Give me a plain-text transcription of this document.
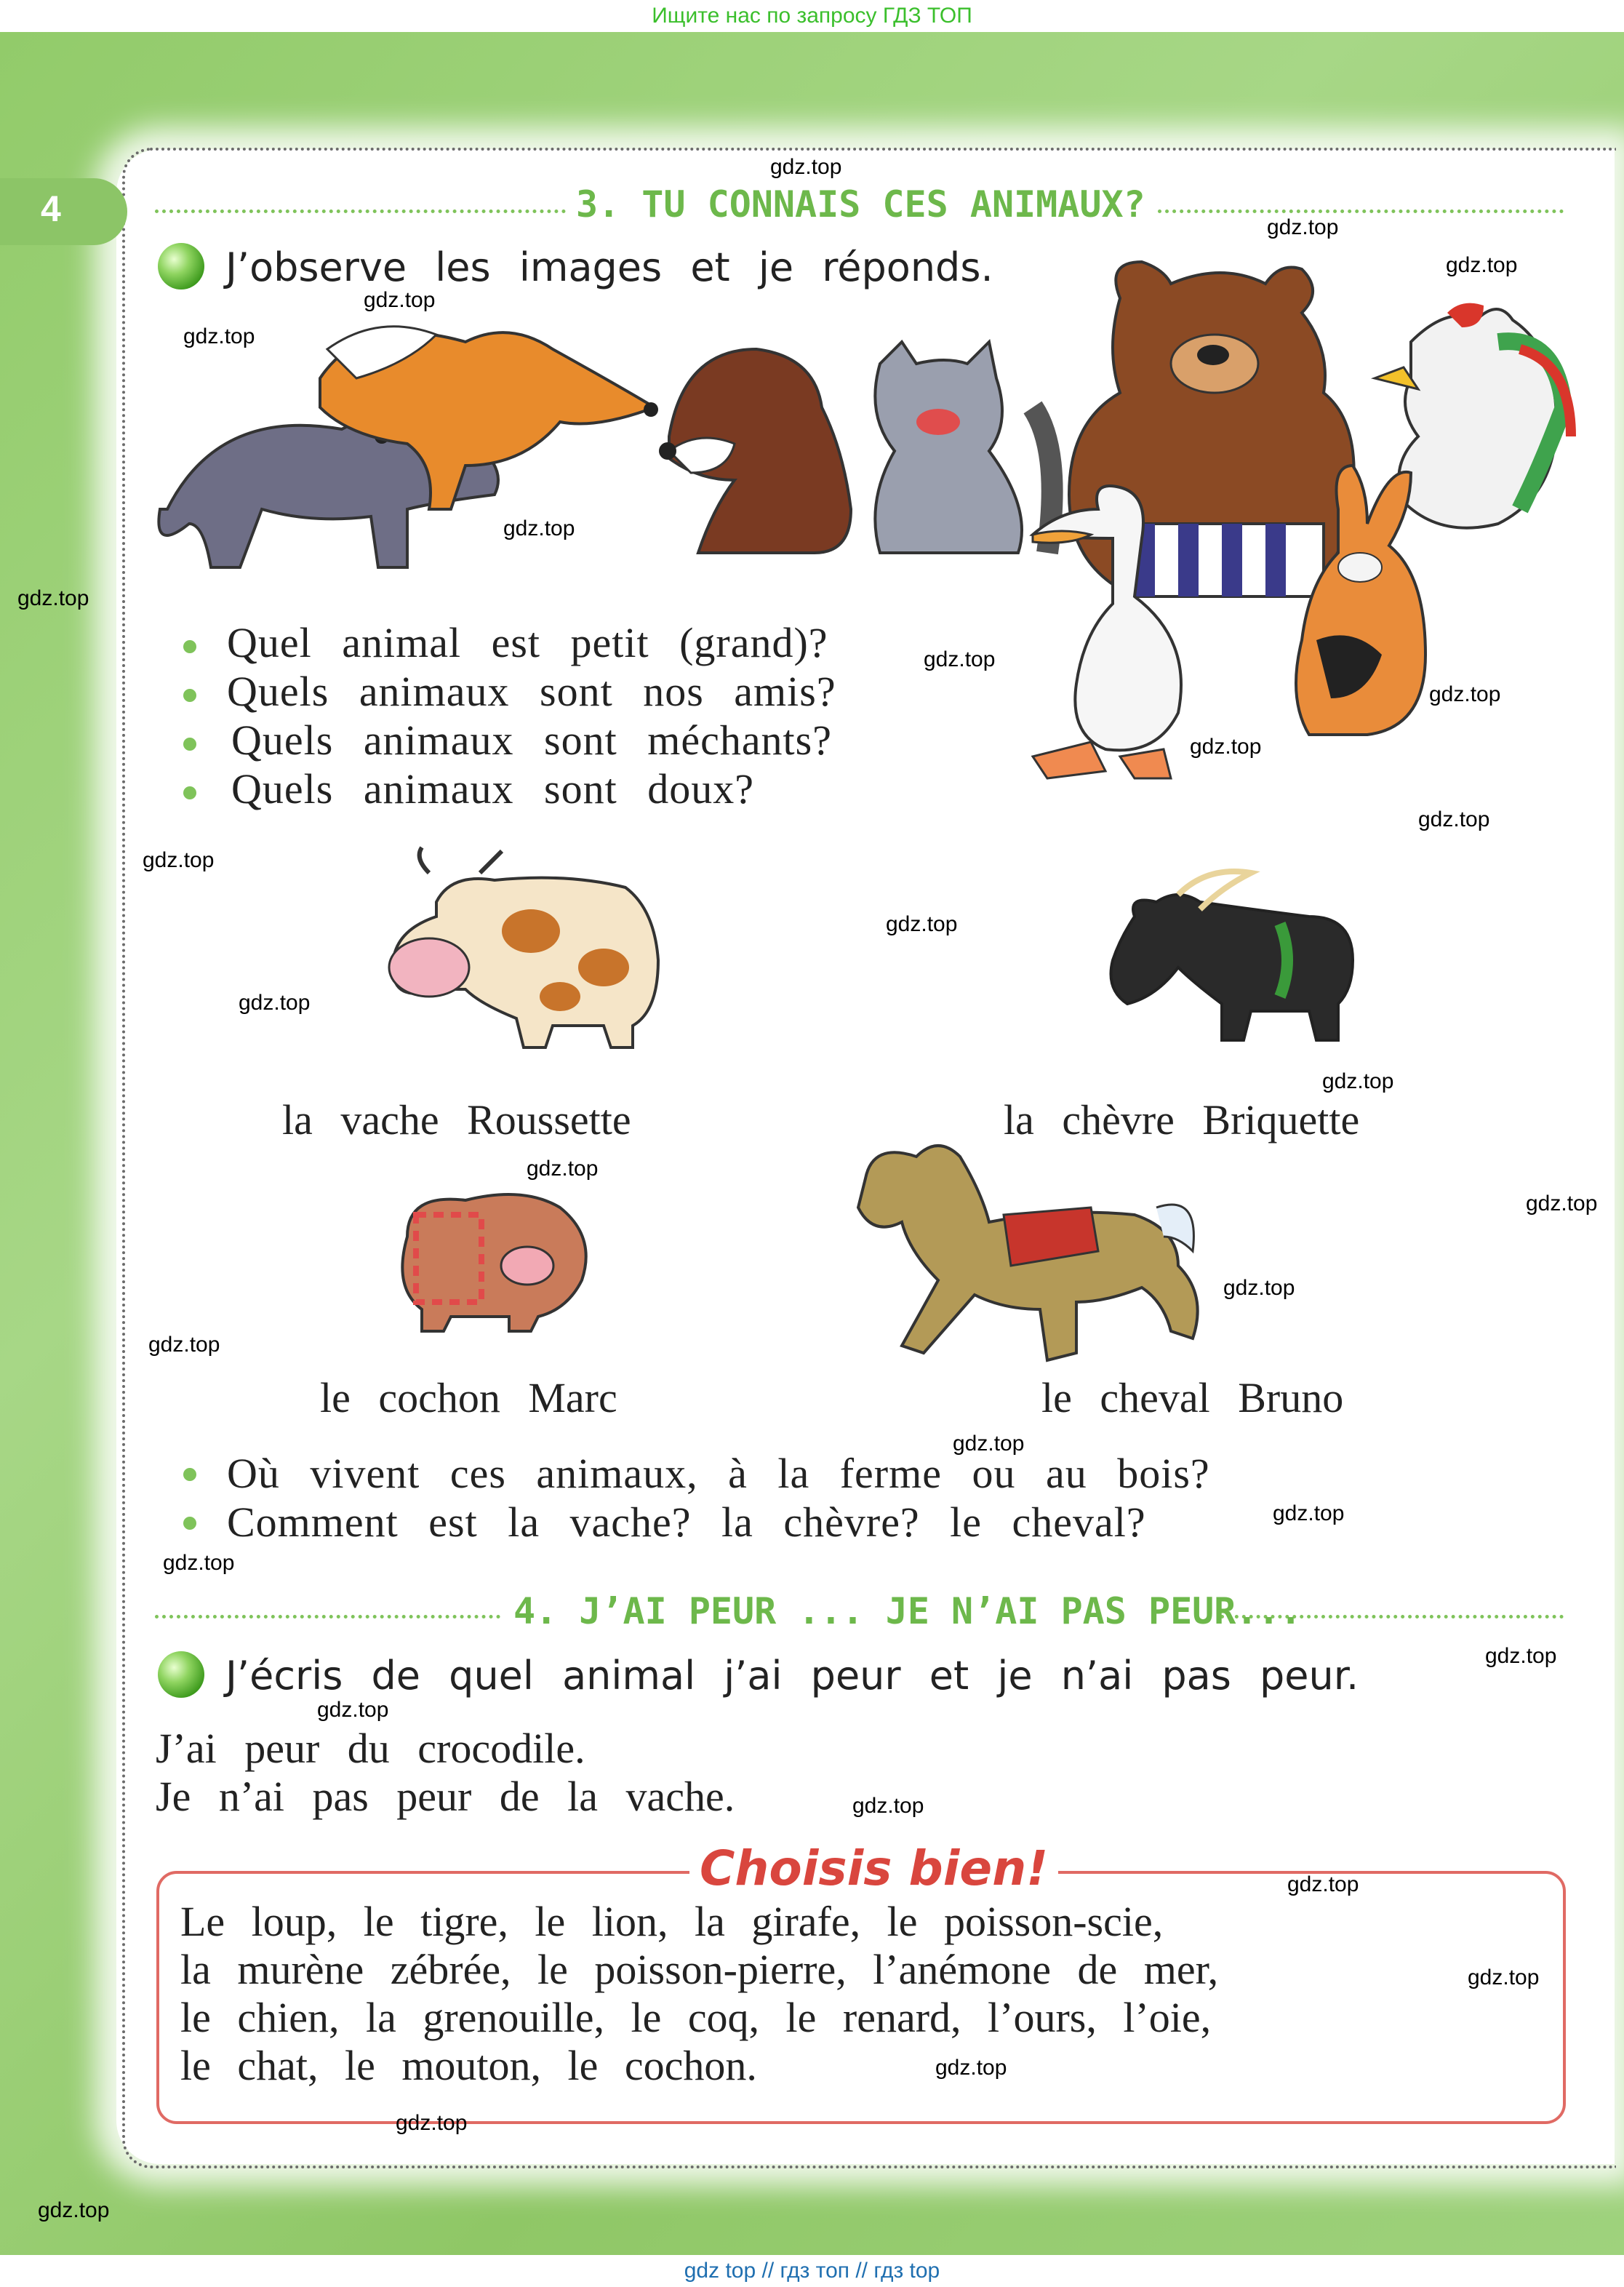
Ищите нас по запросу ГДЗ ТОП
gdz top // гдз топ // гдз top
4	3. TU CONNAIS CES ANIMAUX?
J’observe les images et je réponds.
Quel animal est petit (grand)?
Quels animaux sont nos amis?
Quels animaux sont méchants?
Quels animaux sont doux?
la vache Roussette	la chèvre Briquette
le cochon Marc	le cheval Bruno
Où vivent ces animaux, à la ferme ou au bois?
Comment est la vache? la chèvre? le cheval?
4. J’AI PEUR ... JE N’AI PAS PEUR...
J’écris de quel animal j’ai peur et je n’ai pas peur.
J’ai peur du crocodile.
Je n’ai pas peur de la vache.
Choisis bien!
Le loup, le tigre, le lion, la girafe, le poisson-scie,
la murène zébrée, le poisson-pierre, l’anémone de mer,
le chien, la grenouille, le coq, le renard, l’ours, l’oie,
le chat, le mouton, le cochon.
gdz.top
gdz.top
gdz.top
gdz.top
gdz.top
gdz.top
gdz.top
gdz.top
gdz.top
gdz.top
gdz.top
gdz.top
gdz.top
gdz.top
gdz.top
gdz.top
gdz.top
gdz.top
gdz.top
gdz.top
gdz.top
gdz.top
gdz.top
gdz.top
gdz.top
gdz.top
gdz.top
gdz.top
gdz.top
gdz.top
